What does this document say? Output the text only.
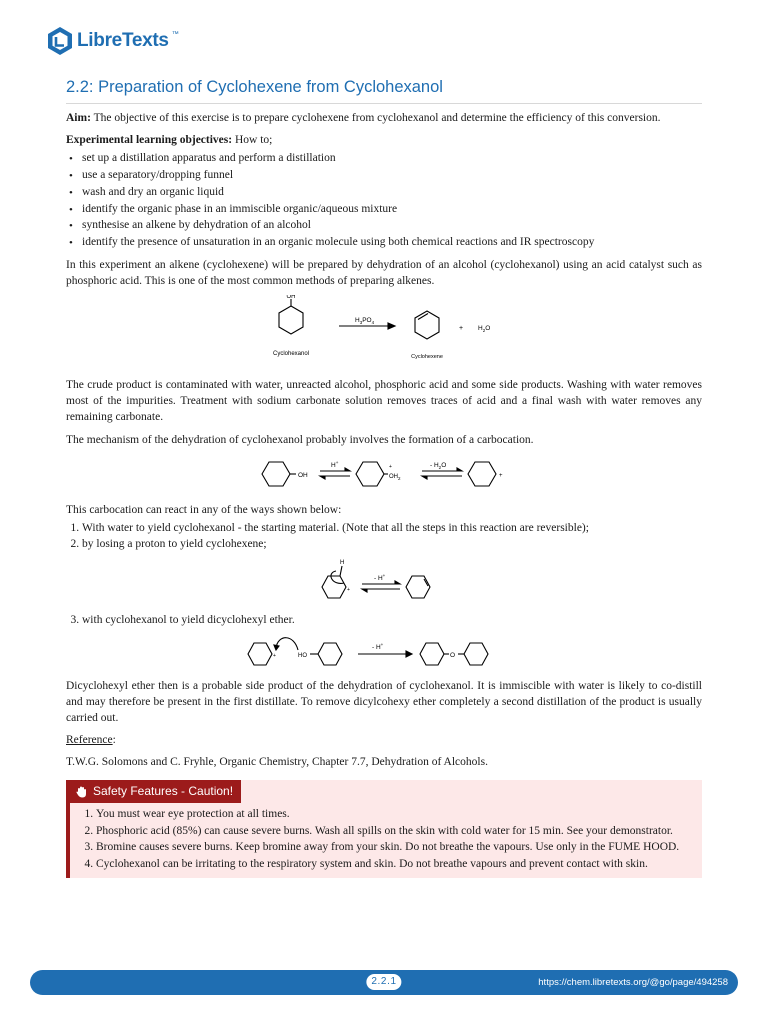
LibreTexts ™
2.2: Preparation of Cyclohexene from Cyclohexanol

Aim: The objective of this exercise is to prepare cyclohexene from cyclohexanol and determine the efficiency of this conversion.

Experimental learning objectives: How to;

• set up a distillation apparatus and perform a distillation
• use a separatory/dropping funnel
• wash and dry an organic liquid
• identify the organic phase in an immiscible organic/aqueous mixture
• synthesise an alkene by dehydration of an alcohol
• identify the presence of unsaturation in an organic molecule using both chemical reactions and IR spectroscopy

In this experiment an alkene (cyclohexene) will be prepared by dehydration of an alcohol (cyclohexanol) using an acid catalyst such as phosphoric acid. This is one of the most common methods of preparing alkenes.

OH
$H_3PO_4$
Cyclohexanol	Cyclohexene
+ $H_2O$

The crude product is contaminated with water, unreacted alcohol, phosphoric acid and some side products. Washing with water removes most of the impurities. Treatment with sodium carbonate solution removes traces of acid and a final wash with water removes any remaining carbonate.

The mechanism of the dehydration of cyclohexanol probably involves the formation of a carbocation.

OH
H+
$OH_2$
+	- $H_2O$
+

This carbocation can react in any of the ways shown below:

1. With water to yield cyclohexanol - the starting material. (Note that all the steps in this reaction are reversible);
2. by losing a proton to yield cyclohexene;
H
+
- H+
3. with cyclohexanol to yield dicyclohexyl ether.
+	HO
- H+
O

Dicyclohexyl ether then is a probable side product of the dehydration of cyclohexanol. It is immiscible with water is likely to co-distill and may therefore be present in the first distillate. To remove dicylcohexy ether completely a second distillation of the product is usually carried out.

Reference:

T.W.G. Solomons and C. Fryhle, Organic Chemistry, Chapter 7.7, Dehydration of Alcohols.

Safety Features - Caution!
1. You must wear eye protection at all times.
2. Phosphoric acid (85%) can cause severe burns. Wash all spills on the skin with cold water for 15 min. See your demonstrator.
3. Bromine causes severe burns. Keep bromine away from your skin. Do not breathe the vapours. Use only in the FUME HOOD.
4. Cyclohexanol can be irritating to the respiratory system and skin. Do not breathe vapours and prevent contact with skin.
2.2.1	https://chem.libretexts.org/@go/page/494258
